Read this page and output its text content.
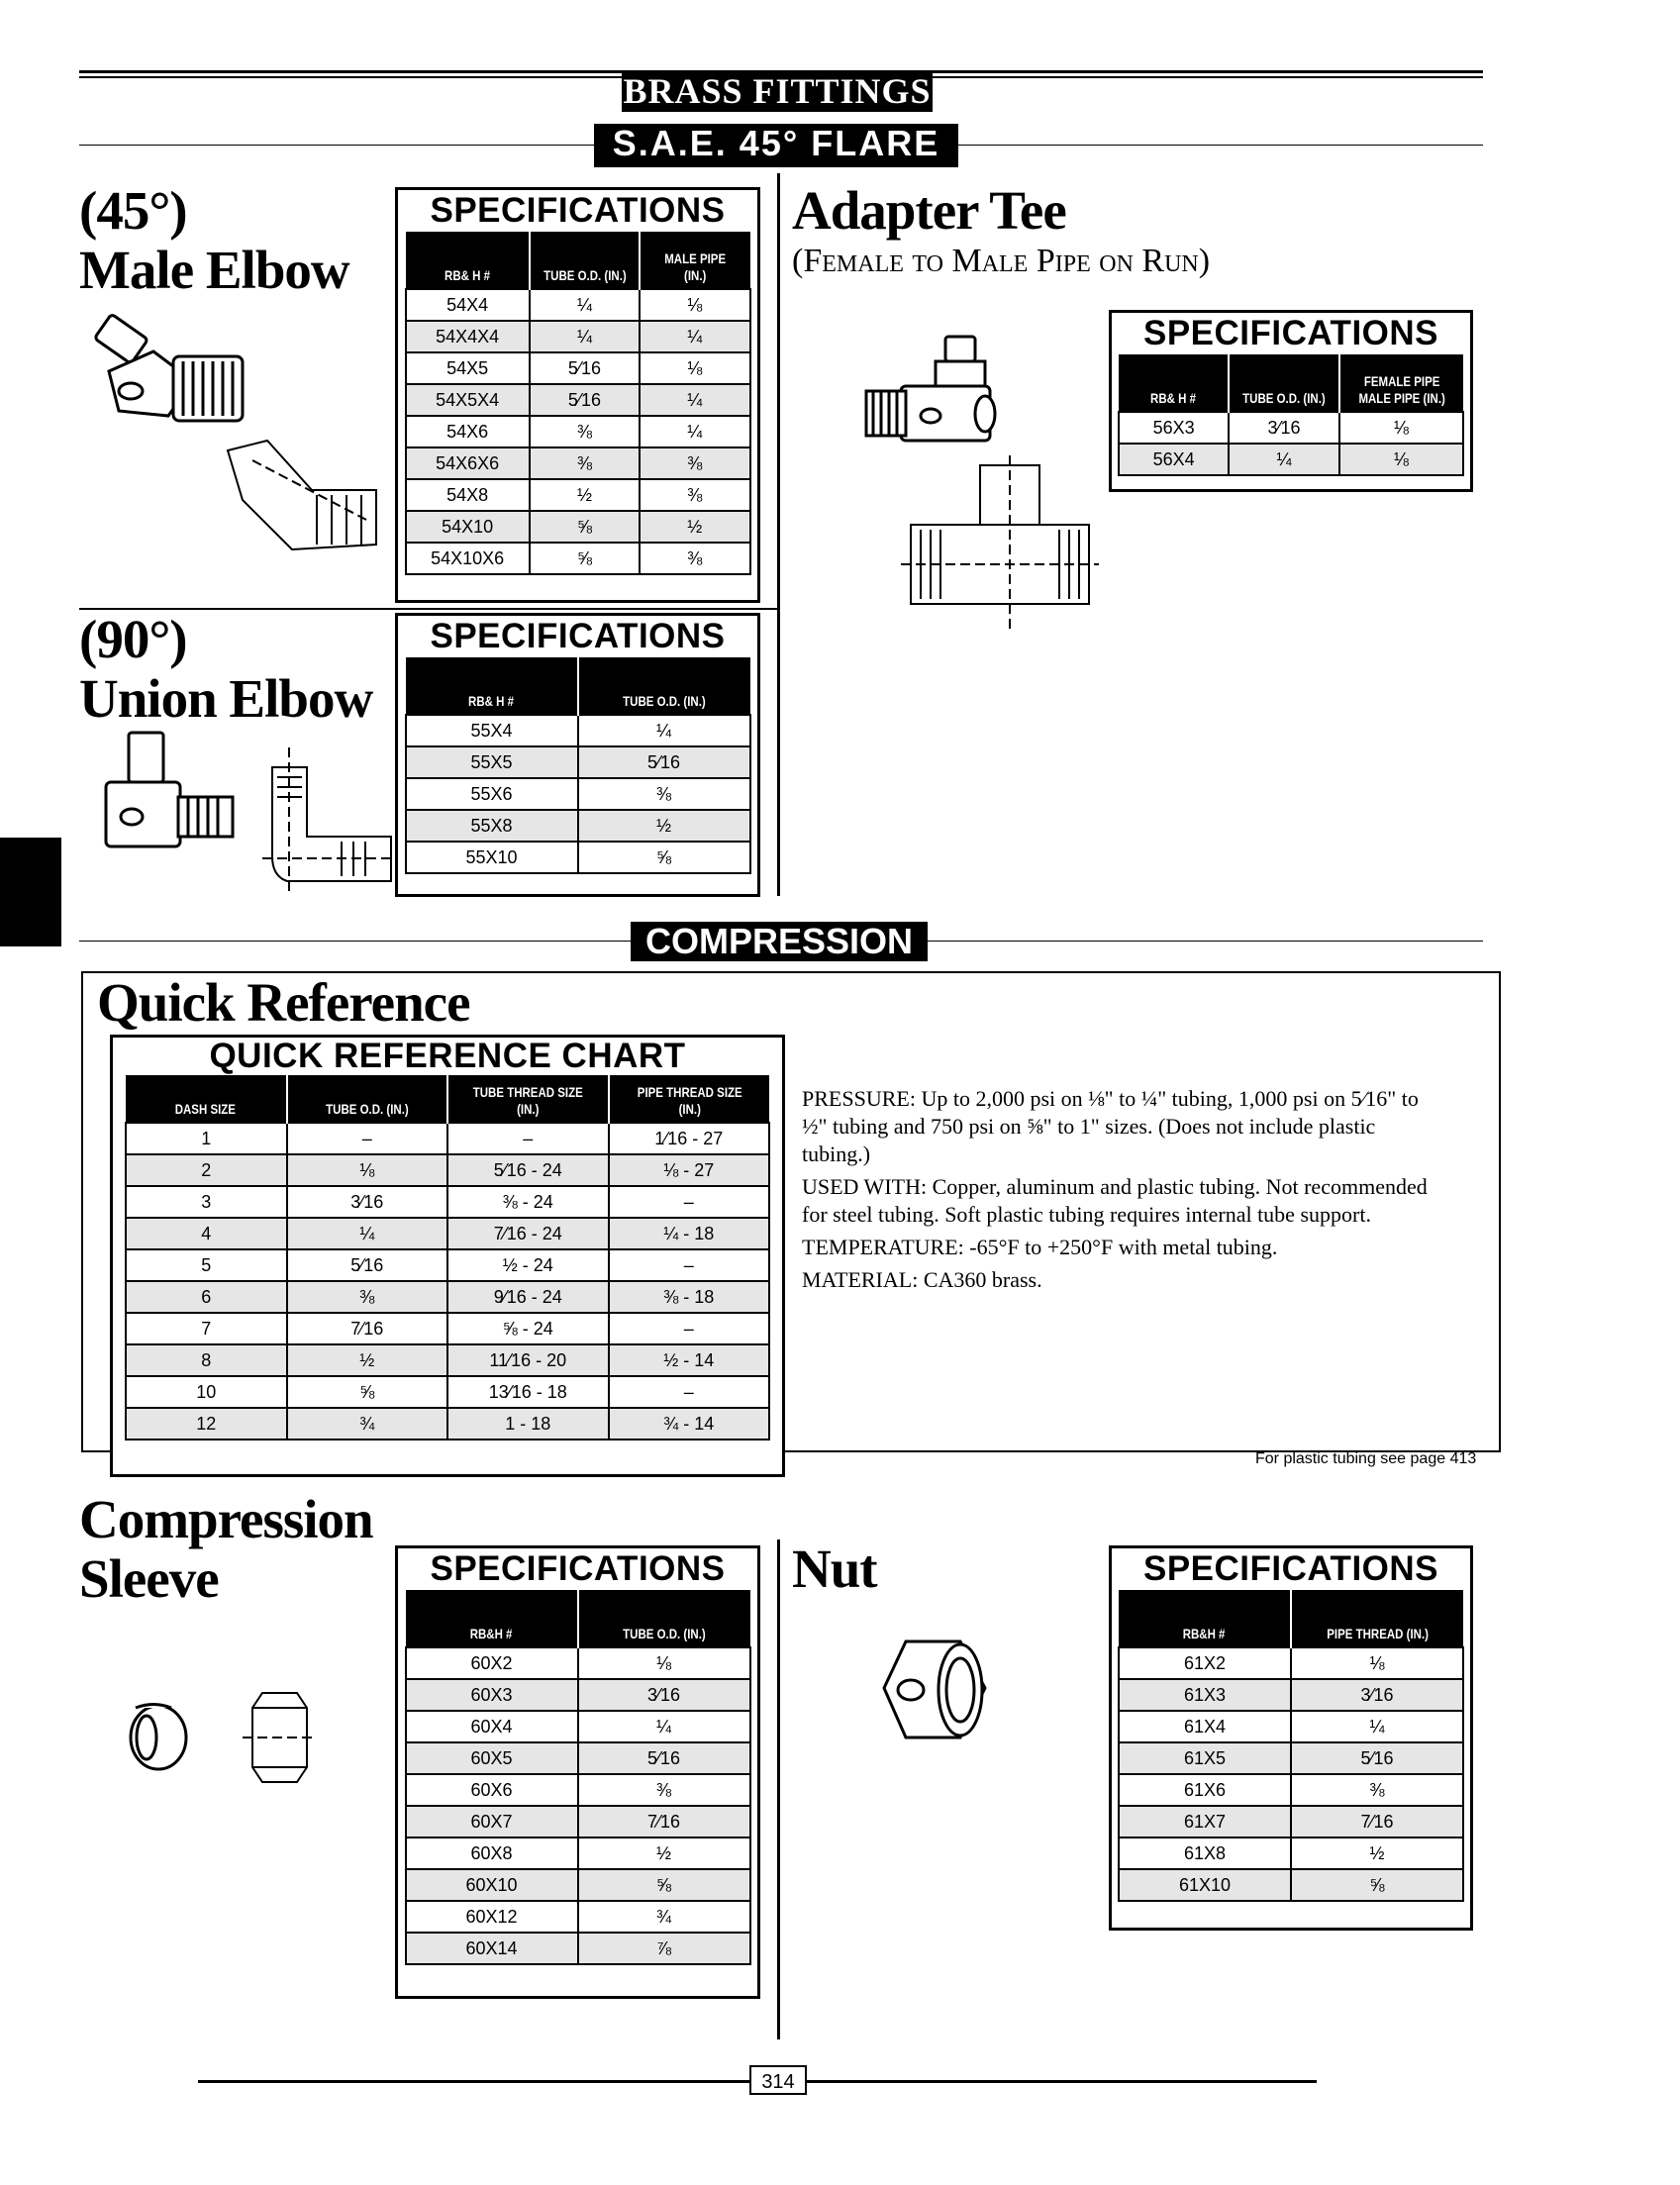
BRASS FITTINGS
S.A.E. 45° FLARE
(45°)
Male Elbow
SPECIFICATIONS
RB& H #	TUBE O.D. (IN.)	MALE PIPE (IN.)
54X4	¼	⅛
54X4X4	¼	¼
54X5	5⁄16	⅛
54X5X4	5⁄16	¼
54X6	⅜	¼
54X6X6	⅜	⅜
54X8	½	⅜
54X10	⅝	½
54X10X6	⅝	⅜
Adapter Tee
(Female to Male Pipe on Run)
SPECIFICATIONS
RB& H #	TUBE O.D. (IN.)	FEMALE PIPE MALE PIPE (IN.)
56X3	3⁄16	⅛
56X4	¼	⅛
(90°)
Union Elbow
SPECIFICATIONS
RB& H #	TUBE O.D. (IN.)
55X4	¼
55X5	5⁄16
55X6	⅜
55X8	½
55X10	⅝
COMPRESSION
Quick Reference
QUICK REFERENCE CHART
DASH SIZE	TUBE O.D. (IN.)	TUBE THREAD SIZE (IN.)	PIPE THREAD SIZE (IN.)
1	–	–	1⁄16 - 27
2	⅛	5⁄16 - 24	⅛ - 27
3	3⁄16	⅜ - 24	–
4	¼	7⁄16 - 24	¼ - 18
5	5⁄16	½ - 24	–
6	⅜	9⁄16 - 24	⅜ - 18
7	7⁄16	⅝ - 24	–
8	½	11⁄16 - 20	½ - 14
10	⅝	13⁄16 - 18	–
12	¾	1 - 18	¾ - 14

PRESSURE: Up to 2,000 psi on ⅛" to ¼" tubing, 1,000 psi on 5⁄16" to ½" tubing and 750 psi on ⅝" to 1" sizes. (Does not include plastic tubing.)

USED WITH: Copper, aluminum and plastic tubing. Not recommended for steel tubing. Soft plastic tubing requires internal tube support.

TEMPERATURE: -65°F to +250°F with metal tubing.

MATERIAL: CA360 brass.

For plastic tubing see page 413
Compression
Sleeve	SPECIFICATIONS
RB&H #	TUBE O.D. (IN.)
60X2	⅛
60X3	3⁄16
60X4	¼
60X5	5⁄16
60X6	⅜
60X7	7⁄16
60X8	½
60X10	⅝
60X12	¾
60X14	⅞
Nut	SPECIFICATIONS
RB&H #	PIPE THREAD (IN.)
61X2	⅛
61X3	3⁄16
61X4	¼
61X5	5⁄16
61X6	⅜
61X7	7⁄16
61X8	½
61X10	⅝
314
